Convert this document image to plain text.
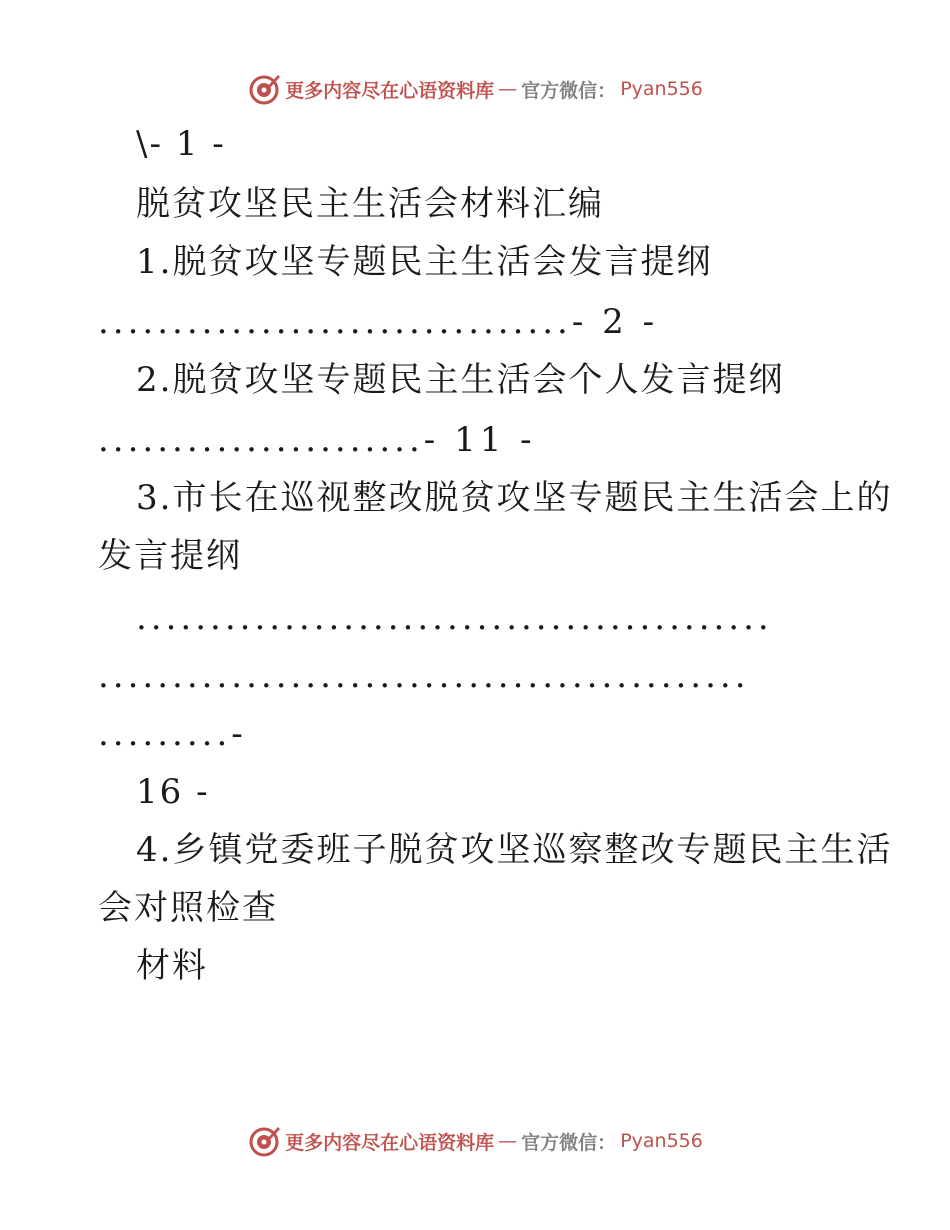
更多内容尽在心语资料库 — 官方微信： Pyan556
\- 1 -
脱贫攻坚民主生活会材料汇编
1.脱贫攻坚专题民主生活会发言提纲
................................- 2 -
2.脱贫攻坚专题民主生活会个人发言提纲
......................- 11 -
3.市长在巡视整改脱贫攻坚专题民主生活会上的
发言提纲
...........................................
............................................
.........-
16 -
4.乡镇党委班子脱贫攻坚巡察整改专题民主生活
会对照检查
材料
更多内容尽在心语资料库 — 官方微信： Pyan556
